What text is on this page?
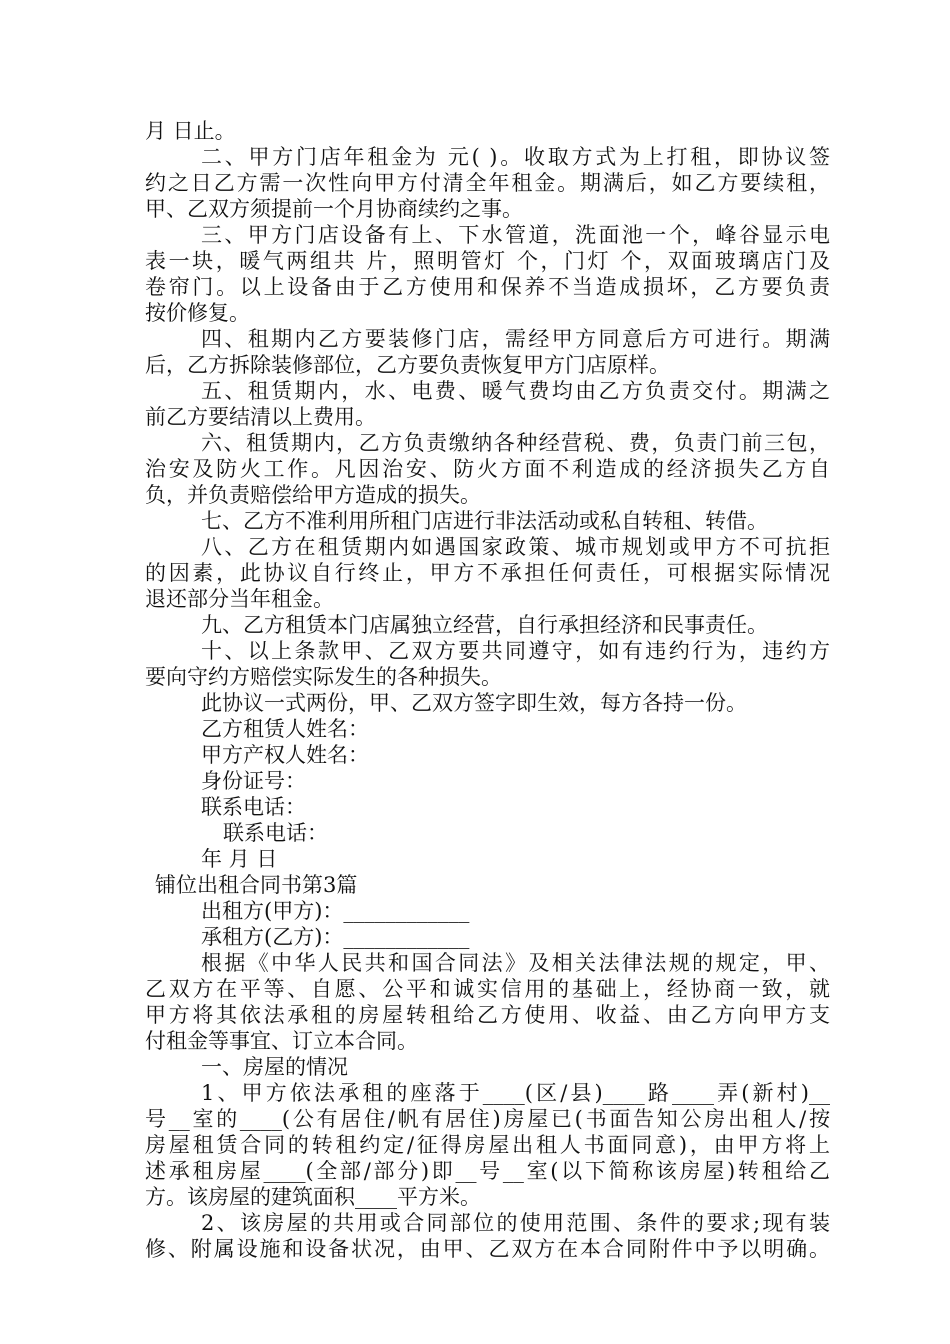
月 日止。
二、甲方门店年租金为 元( )。收取方式为上打租，即协议签
约之日乙方需一次性向甲方付清全年租金。期满后，如乙方要续租，
甲、乙双方须提前一个月协商续约之事。
三、甲方门店设备有上、下水管道，洗面池一个，峰谷显示电
表一块，暖气两组共 片，照明管灯 个，门灯 个，双面玻璃店门及
卷帘门。以上设备由于乙方使用和保养不当造成损坏，乙方要负责
按价修复。
四、租期内乙方要装修门店，需经甲方同意后方可进行。期满
后，乙方拆除装修部位，乙方要负责恢复甲方门店原样。
五、租赁期内，水、电费、暖气费均由乙方负责交付。期满之
前乙方要结清以上费用。
六、租赁期内，乙方负责缴纳各种经营税、费，负责门前三包，
治安及防火工作。凡因治安、防火方面不利造成的经济损失乙方自
负，并负责赔偿给甲方造成的损失。
七、乙方不准利用所租门店进行非法活动或私自转租、转借。
八、乙方在租赁期内如遇国家政策、城市规划或甲方不可抗拒
的因素，此协议自行终止，甲方不承担任何责任，可根据实际情况
退还部分当年租金。
九、乙方租赁本门店属独立经营，自行承担经济和民事责任。
十、以上条款甲、乙双方要共同遵守，如有违约行为，违约方
要向守约方赔偿实际发生的各种损失。
此协议一式两份，甲、乙双方签字即生效，每方各持一份。
乙方租赁人姓名：
甲方产权人姓名：
身份证号：
联系电话：
联系电话：
年 月 日
铺位出租合同书第3篇
出租方(甲方)：____________
承租方(乙方)：____________
根据《中华人民共和国合同法》及相关法律法规的规定，甲、
乙双方在平等、自愿、公平和诚实信用的基础上，经协商一致，就
甲方将其依法承租的房屋转租给乙方使用、收益、由乙方向甲方支
付租金等事宜、订立本合同。
一、房屋的情况
1、甲方依法承租的座落于____(区/县)____路____弄(新村)__
号__室的____(公有居住/帆有居住)房屋已(书面告知公房出租人/按
房屋租赁合同的转租约定/征得房屋出租人书面同意)，由甲方将上
述承租房屋____(全部/部分)即__号__室(以下简称该房屋)转租给乙
方。该房屋的建筑面积____平方米。
2、该房屋的共用或合同部位的使用范围、条件的要求;现有装
修、附属设施和设备状况，由甲、乙双方在本合同附件中予以明确。
